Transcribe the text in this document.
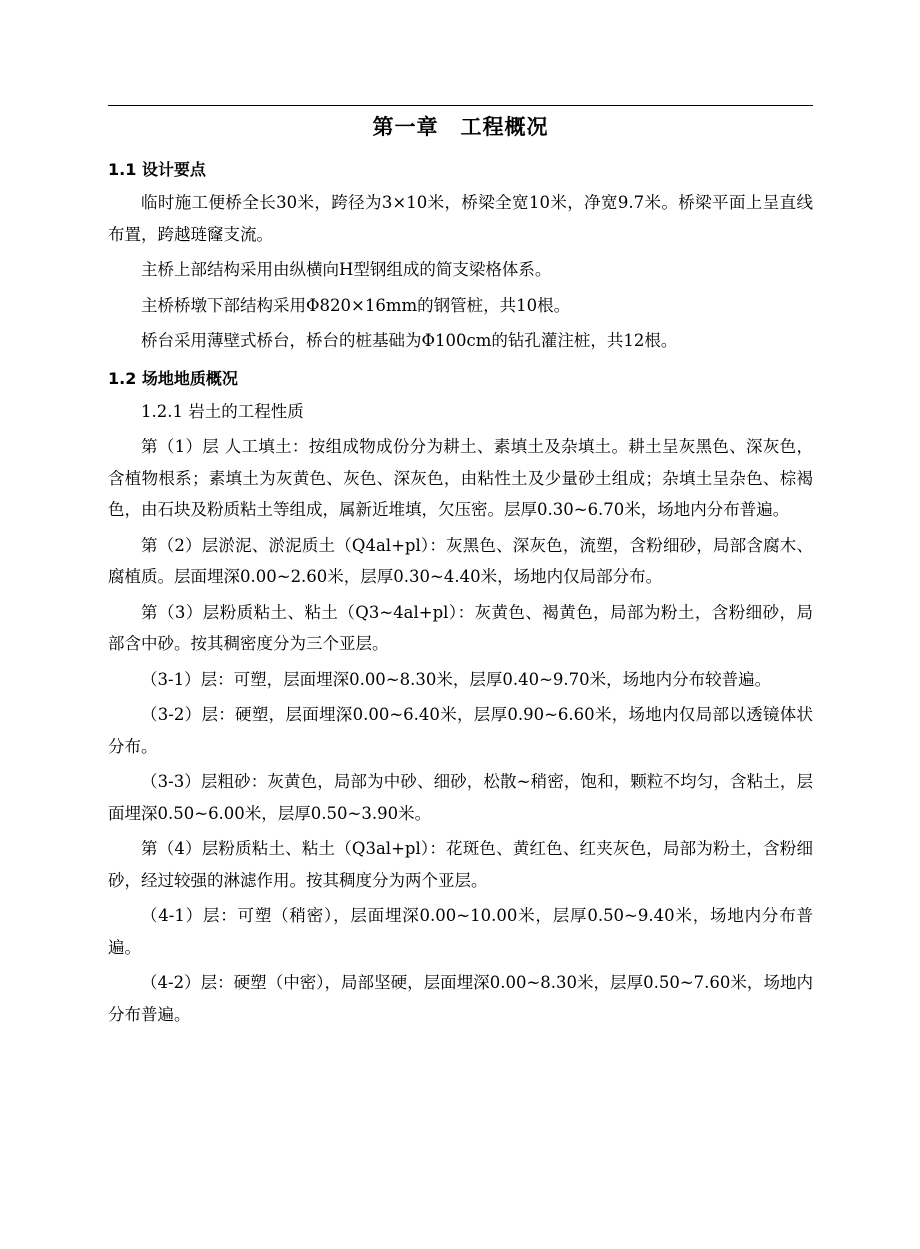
第一章　工程概况
1.1 设计要点

临时施工便桥全长30米，跨径为3×10米，桥梁全宽10米，净宽9.7米。桥梁平面上呈直线布置，跨越琏窿支流。

主桥上部结构采用由纵横向H型钢组成的简支梁格体系。

主桥桥墩下部结构采用Φ820×16mm的钢管桩，共10根。

桥台采用薄壁式桥台，桥台的桩基础为Φ100cm的钻孔灌注桩，共12根。

1.2 场地地质概况

1.2.1 岩土的工程性质

第（1）层 人工填土：按组成物成份分为耕土、素填土及杂填土。耕土呈灰黑色、深灰色，含植物根系；素填土为灰黄色、灰色、深灰色，由粘性土及少量砂土组成；杂填土呈杂色、棕褐色，由石块及粉质粘土等组成，属新近堆填，欠压密。层厚0.30~6.70米，场地内分布普遍。

第（2）层淤泥、淤泥质土（Q4al+pl）：灰黑色、深灰色，流塑，含粉细砂，局部含腐木、腐植质。层面埋深0.00~2.60米，层厚0.30~4.40米，场地内仅局部分布。

第（3）层粉质粘土、粘土（Q3~4al+pl）：灰黄色、褐黄色，局部为粉土，含粉细砂，局部含中砂。按其稠密度分为三个亚层。

（3-1）层：可塑，层面埋深0.00~8.30米，层厚0.40~9.70米，场地内分布较普遍。

（3-2）层：硬塑，层面埋深0.00~6.40米，层厚0.90~6.60米，场地内仅局部以透镜体状分布。

（3-3）层粗砂：灰黄色，局部为中砂、细砂，松散~稍密，饱和，颗粒不均匀，含粘土，层面埋深0.50~6.00米，层厚0.50~3.90米。

第（4）层粉质粘土、粘土（Q3al+pl）：花斑色、黄红色、红夹灰色，局部为粉土，含粉细砂，经过较强的淋滤作用。按其稠度分为两个亚层。

（4-1）层：可塑（稍密），层面埋深0.00~10.00米，层厚0.50~9.40米，场地内分布普遍。

（4-2）层：硬塑（中密），局部坚硬，层面埋深0.00~8.30米，层厚0.50~7.60米，场地内分布普遍。
